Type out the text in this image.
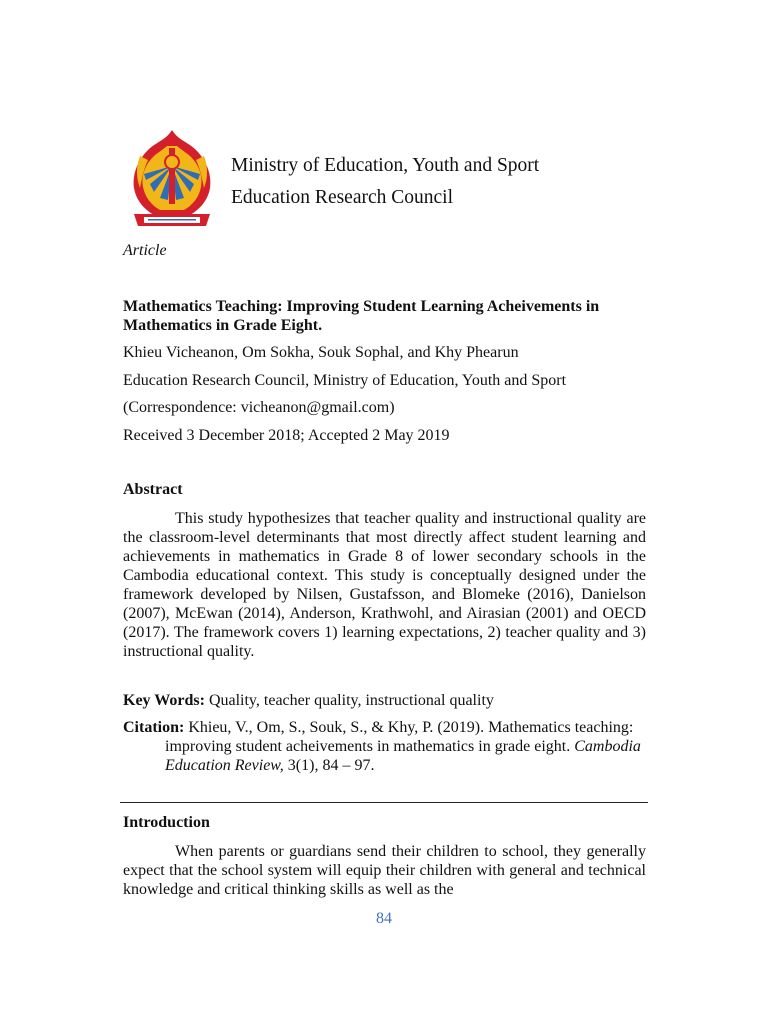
Ministry of Education, Youth and Sport
Education Research Council
Article
Mathematics Teaching: Improving Student Learning Acheivements in Mathematics in Grade Eight.
Khieu Vicheanon, Om Sokha, Souk Sophal, and Khy Phearun
Education Research Council, Ministry of Education, Youth and Sport
(Correspondence: vicheanon@gmail.com)
Received 3 December 2018; Accepted 2 May 2019
Abstract
This study hypothesizes that teacher quality and instructional quality are the classroom-level determinants that most directly affect student learning and achievements in mathematics in Grade 8 of lower secondary schools in the Cambodia educational context. This study is conceptually designed under the framework developed by Nilsen, Gustafsson, and Blomeke (2016), Danielson (2007), McEwan (2014), Anderson, Krathwohl, and Airasian (2001) and OECD (2017). The framework covers 1) learning expectations, 2) teacher quality and 3) instructional quality.
Key Words: Quality, teacher quality, instructional quality
Citation: Khieu, V., Om, S., Souk, S., & Khy, P. (2019). Mathematics teaching: improving student acheivements in mathematics in grade eight. Cambodia Education Review, 3(1), 84 – 97.
Introduction
When parents or guardians send their children to school, they generally expect that the school system will equip their children with general and technical knowledge and critical thinking skills as well as the
84
